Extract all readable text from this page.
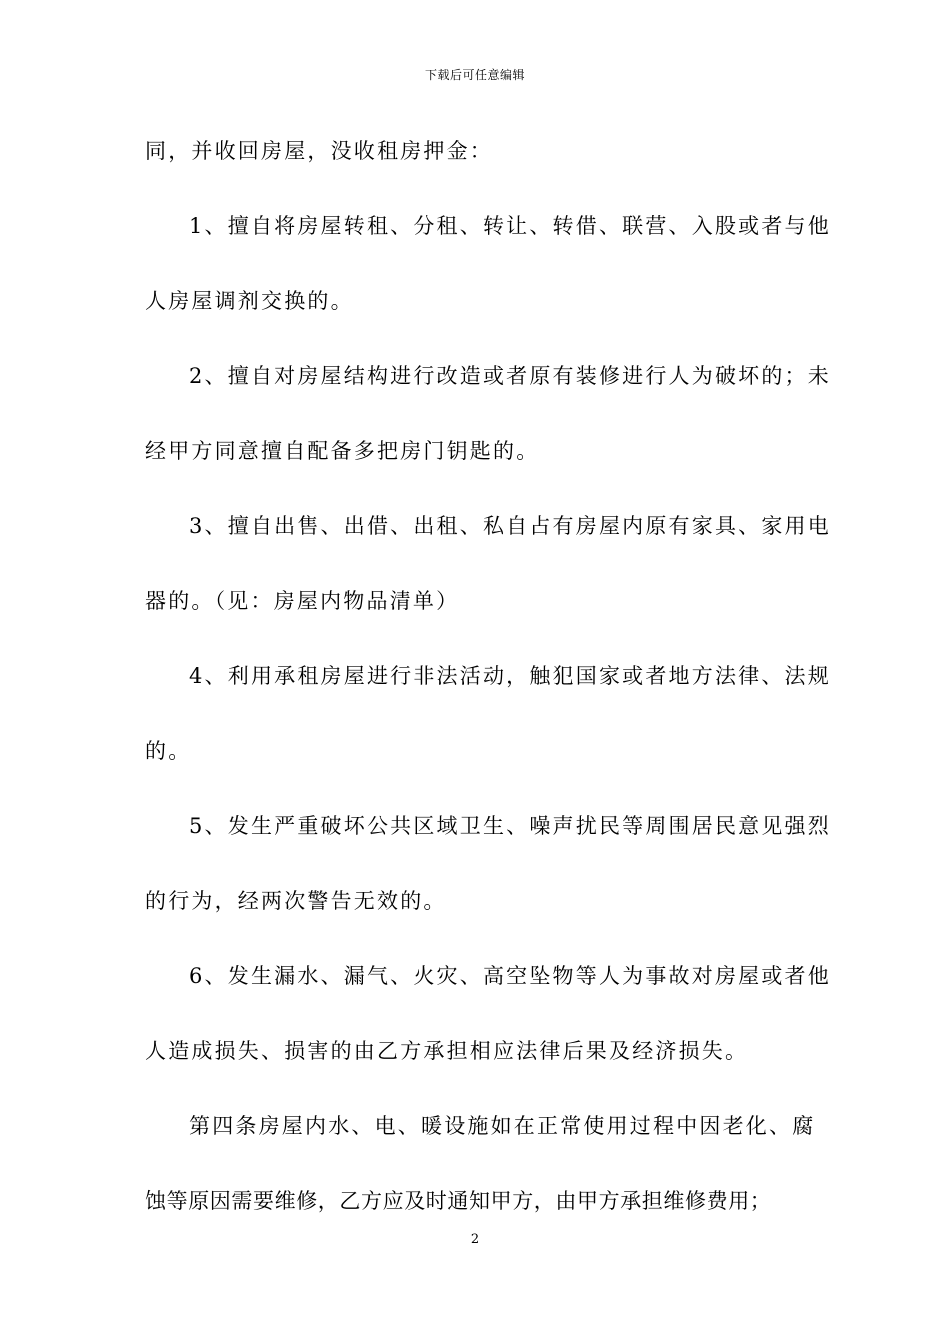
下载后可任意编辑
同，并收回房屋，没收租房押金：
1、擅自将房屋转租、分租、转让、转借、联营、入股或者与他
人房屋调剂交换的。
2、擅自对房屋结构进行改造或者原有装修进行人为破坏的；未
经甲方同意擅自配备多把房门钥匙的。
3、擅自出售、出借、出租、私自占有房屋内原有家具、家用电
器的。（见：房屋内物品清单）
4、利用承租房屋进行非法活动，触犯国家或者地方法律、法规
的。
5、发生严重破坏公共区域卫生、噪声扰民等周围居民意见强烈
的行为，经两次警告无效的。
6、发生漏水、漏气、火灾、高空坠物等人为事故对房屋或者他
人造成损失、损害的由乙方承担相应法律后果及经济损失。
第四条房屋内水、电、暖设施如在正常使用过程中因老化、腐
蚀等原因需要维修，乙方应及时通知甲方，由甲方承担维修费用；
2
